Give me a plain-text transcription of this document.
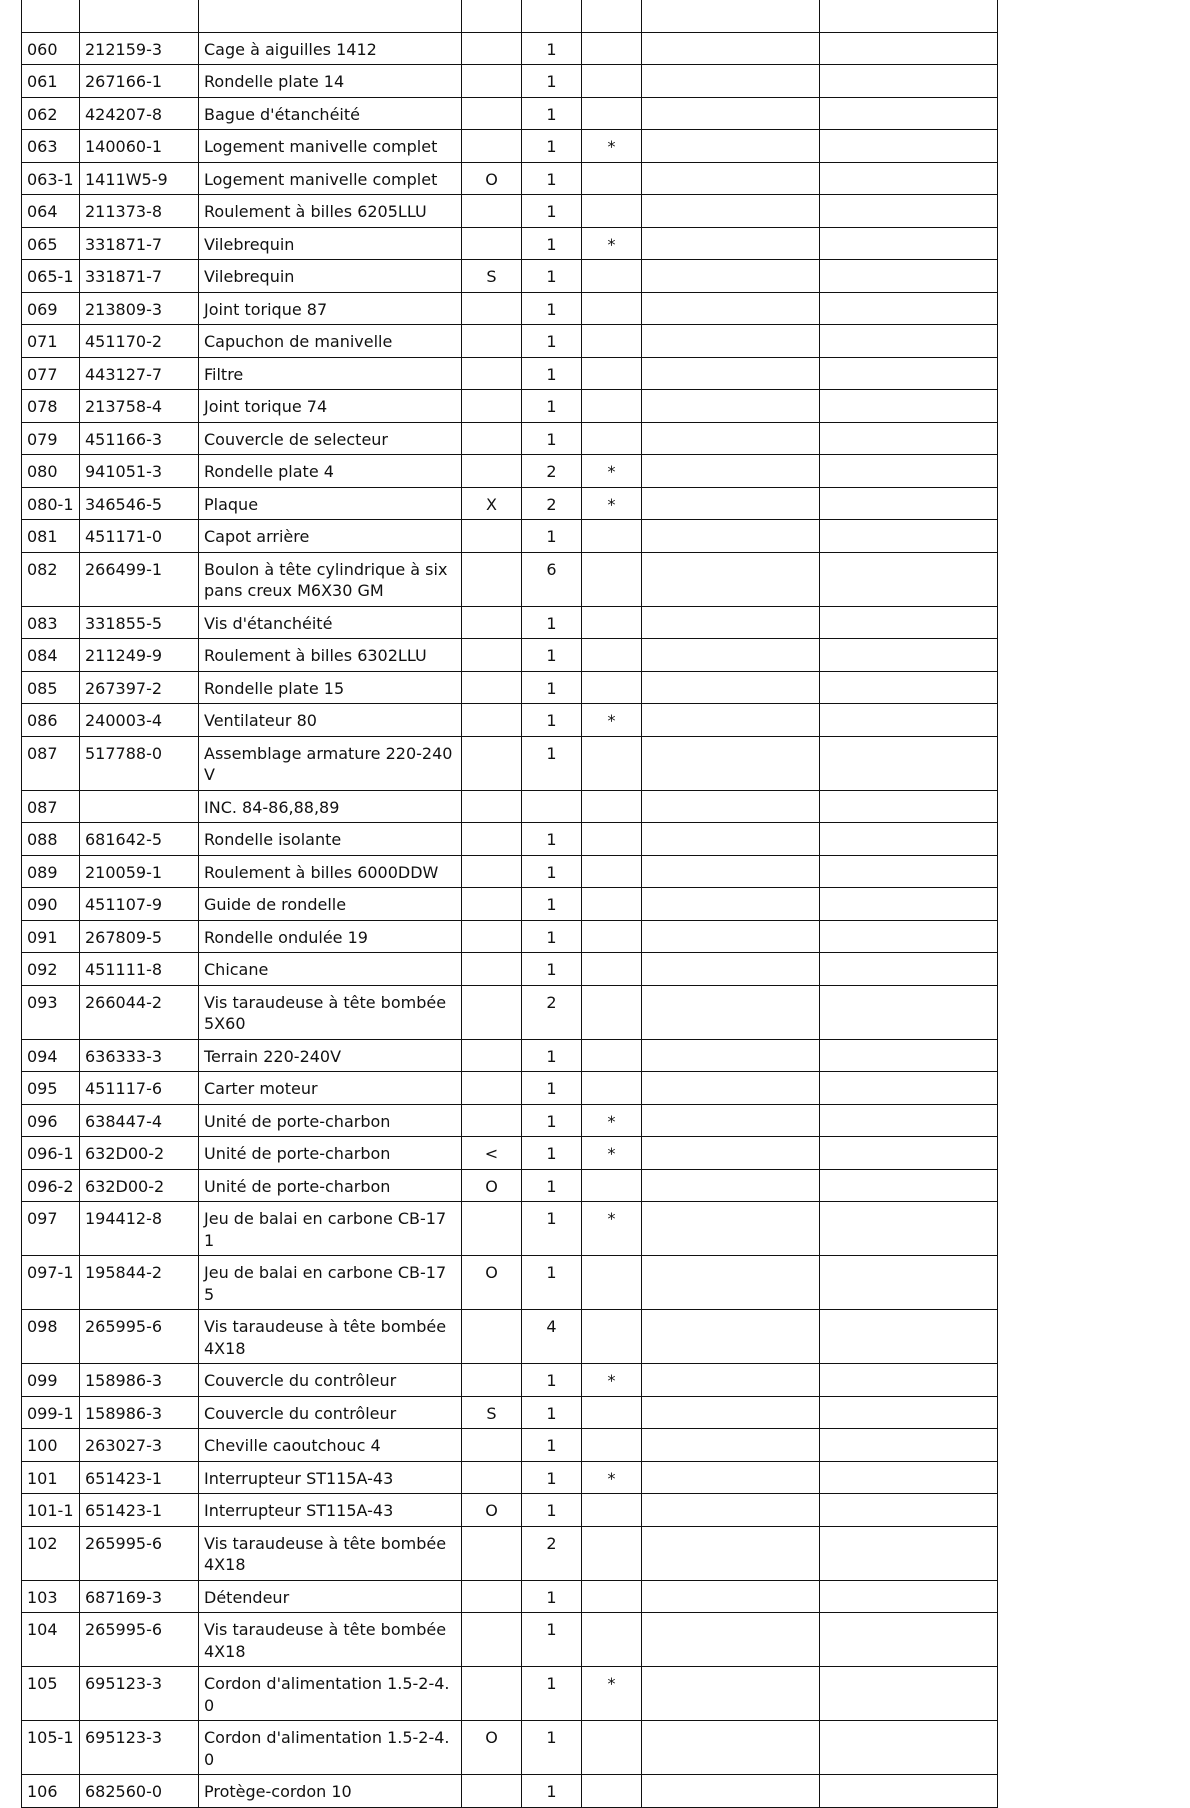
060	212159-3	Cage à aiguilles 1412		1			
061	267166-1	Rondelle plate 14		1			
062	424207-8	Bague d'étanchéité		1			
063	140060-1	Logement manivelle complet		1	*		
063-1	1411W5-9	Logement manivelle complet	O	1			
064	211373-8	Roulement à billes 6205LLU		1			
065	331871-7	Vilebrequin		1	*		
065-1	331871-7	Vilebrequin	S	1			
069	213809-3	Joint torique 87		1			
071	451170-2	Capuchon de manivelle		1			
077	443127-7	Filtre		1			
078	213758-4	Joint torique 74		1			
079	451166-3	Couvercle de selecteur		1			
080	941051-3	Rondelle plate 4		2	*		
080-1	346546-5	Plaque	X	2	*		
081	451171-0	Capot arrière		1			
082	266499-1	Boulon à tête cylindrique à six pans creux M6X30 GM		6			
083	331855-5	Vis d'étanchéité		1			
084	211249-9	Roulement à billes 6302LLU		1			
085	267397-2	Rondelle plate 15		1			
086	240003-4	Ventilateur 80		1	*		
087	517788-0	Assemblage armature 220-240V		1			
087		INC. 84-86,88,89					
088	681642-5	Rondelle isolante		1			
089	210059-1	Roulement à billes 6000DDW		1			
090	451107-9	Guide de rondelle		1			
091	267809-5	Rondelle ondulée 19		1			
092	451111-8	Chicane		1			
093	266044-2	Vis taraudeuse à tête bombée 5X60		2			
094	636333-3	Terrain 220-240V		1			
095	451117-6	Carter moteur		1			
096	638447-4	Unité de porte-charbon		1	*		
096-1	632D00-2	Unité de porte-charbon	<	1	*		
096-2	632D00-2	Unité de porte-charbon	O	1			
097	194412-8	Jeu de balai en carbone CB-171		1	*		
097-1	195844-2	Jeu de balai en carbone CB-175	O	1			
098	265995-6	Vis taraudeuse à tête bombée 4X18		4			
099	158986-3	Couvercle du contrôleur		1	*		
099-1	158986-3	Couvercle du contrôleur	S	1			
100	263027-3	Cheville caoutchouc 4		1			
101	651423-1	Interrupteur ST115A-43		1	*		
101-1	651423-1	Interrupteur ST115A-43	O	1			
102	265995-6	Vis taraudeuse à tête bombée 4X18		2			
103	687169-3	Détendeur		1			
104	265995-6	Vis taraudeuse à tête bombée 4X18		1			
105	695123-3	Cordon d'alimentation 1.5-2-4.0		1	*		
105-1	695123-3	Cordon d'alimentation 1.5-2-4.0	O	1			
106	682560-0	Protège-cordon 10		1			
